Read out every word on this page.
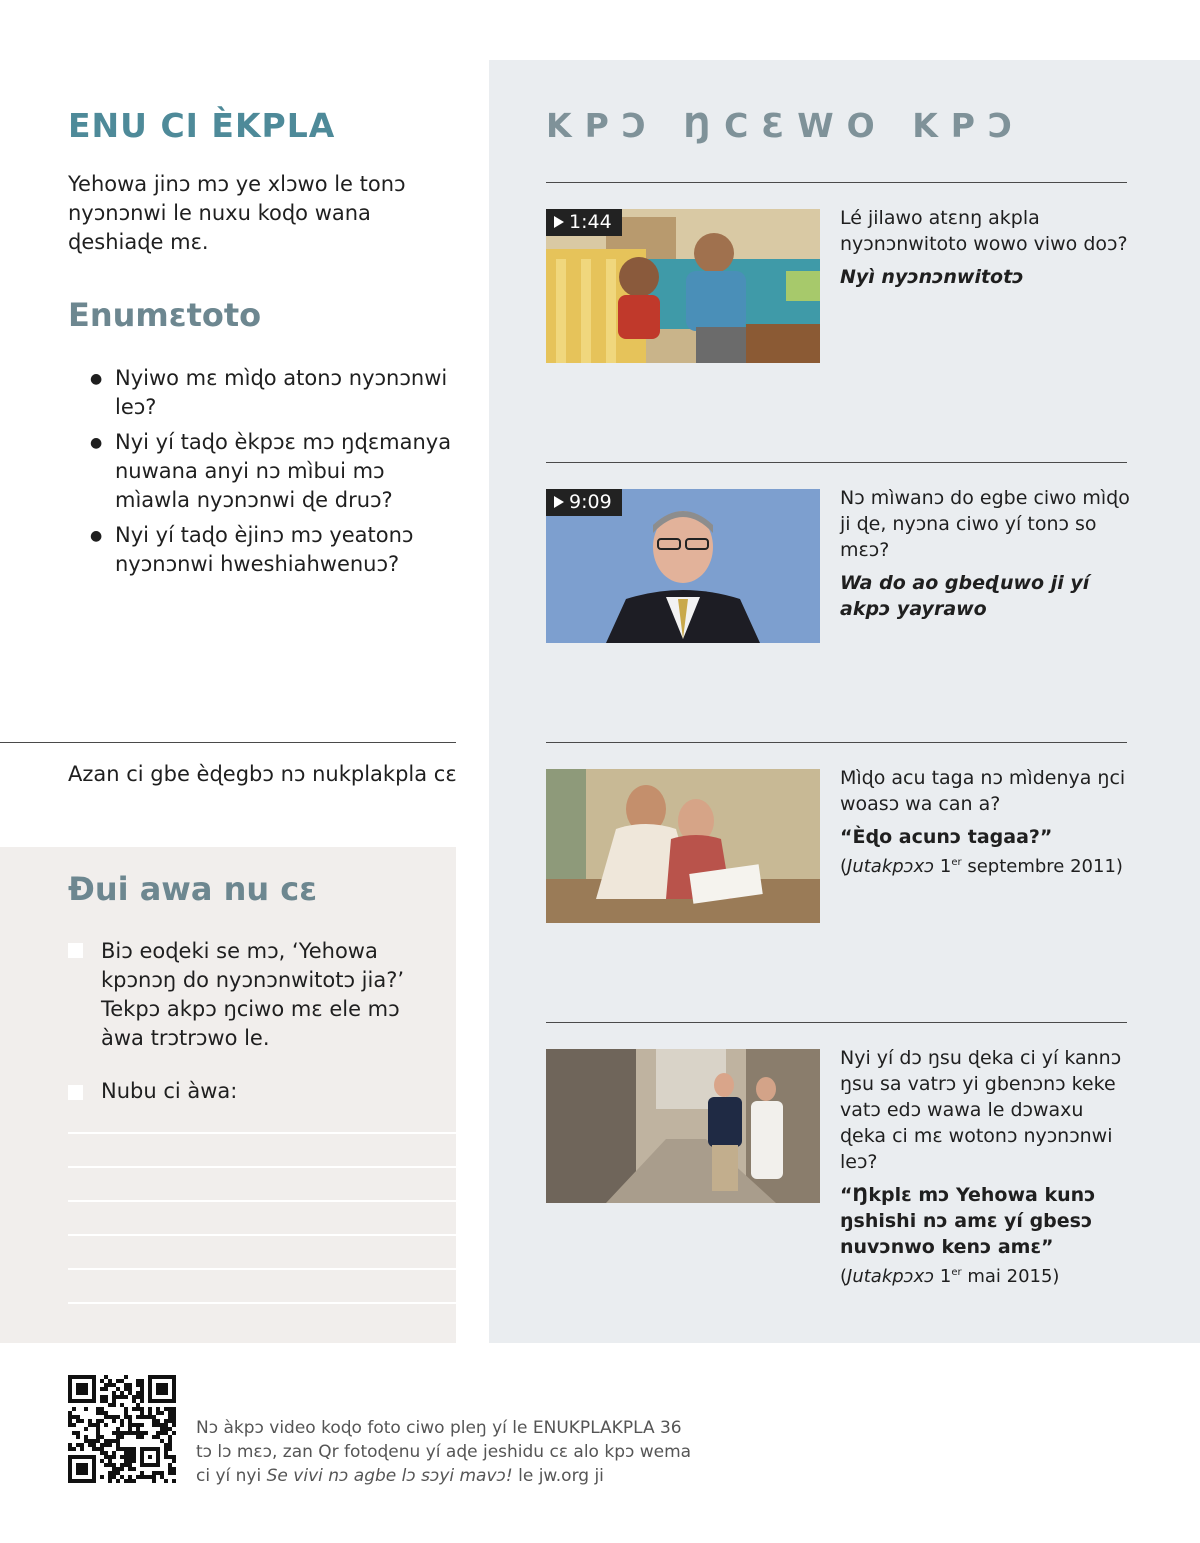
ENU CI ÈKPLA
Yehowa jinɔ mɔ ye xlɔwo le tonɔ nyɔnɔnwi le nuxu koɖo wana ɖeshiaɖe mɛ.
Enumɛtoto
● Nyiwo mɛ mìɖo atonɔ nyɔnɔnwi leɔ?
● Nyi yí taɖo èkpɔɛ mɔ ŋɖɛmanya nuwana anyi nɔ mìbui mɔ mìawla nyɔnɔnwi ɖe druɔ?
● Nyi yí taɖo èjinɔ mɔ yeatonɔ nyɔnɔnwi hweshiahwenuɔ?
Azan ci gbe èɖegbɔ nɔ nukplakpla cɛ
Ɖui awa nu cɛ
Biɔ eoɖeki se mɔ, ‘Yehowa kpɔnɔŋ do nyɔnɔnwitotɔ jia?’ Tekpɔ akpɔ ŋciwo mɛ ele mɔ àwa trɔtrɔwo le.
Nubu ci àwa:
KPƆ ŊCƐWO KPƆ
1:44	Lé jilawo atɛnŋ akpla nyɔnɔnwitoto wowo viwo doɔ?
Nyì nyɔnɔnwitotɔ
9:09	Nɔ mìwanɔ do egbe ciwo mìɖo ji ɖe, nyɔna ciwo yí tonɔ so mɛɔ?
Wa do ao gbeɖuwo ji yí akpɔ yayrawo
Mìɖo acu taga nɔ mìdenya ŋci woasɔ wa can a?
“Èɖo acunɔ tagaa?”
(Jutakpɔxɔ 1er septembre 2011)
Nyi yí dɔ ŋsu ɖeka ci yí kannɔ ŋsu sa vatrɔ yi gbenɔnɔ keke vatɔ edɔ wawa le dɔwaxu ɖeka ci mɛ wotonɔ nyɔnɔnwi leɔ?
“Ŋkplɛ mɔ Yehowa kunɔ ŋshishi nɔ amɛ yí gbesɔ nuvɔnwo kenɔ amɛ”
(Jutakpɔxɔ 1er mai 2015)
Nɔ àkpɔ video koɖo foto ciwo pleŋ yí le ENUKPLAKPLA 36
tɔ lɔ mɛɔ, zan Qr fotoɖenu yí aɖe jeshidu cɛ alo kpɔ wema
ci yí nyi Se vivi nɔ agbe lɔ sɔyi mavɔ! le jw.org ji
